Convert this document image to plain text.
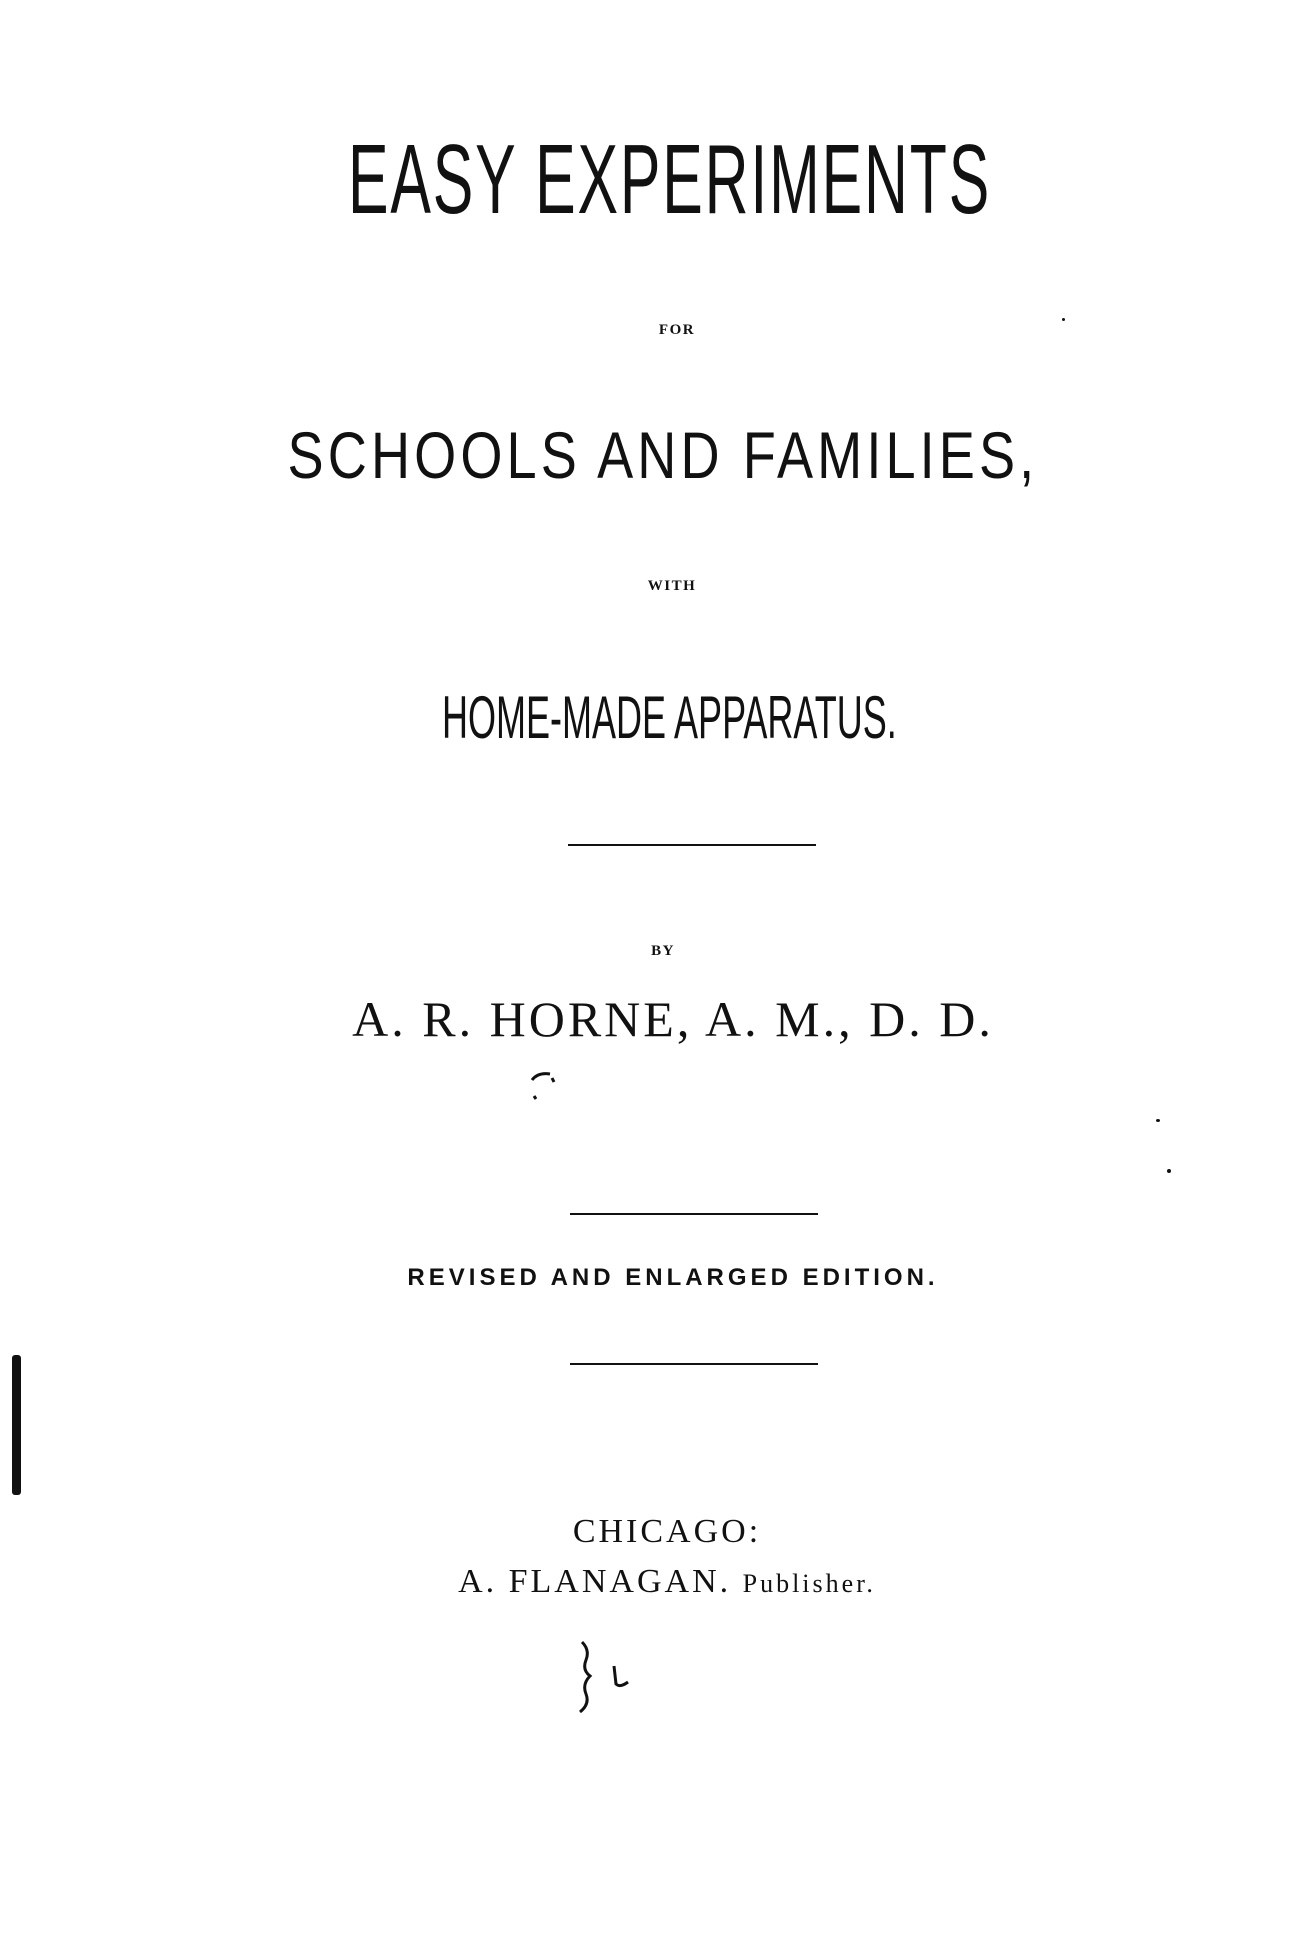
EASY EXPERIMENTS
FOR
SCHOOLS AND FAMILIES,
WITH
HOME-MADE APPARATUS.
BY
A. R. HORNE, A. M., D. D.
REVISED AND ENLARGED EDITION.
CHICAGO:
A. FLANAGAN. Publisher.
